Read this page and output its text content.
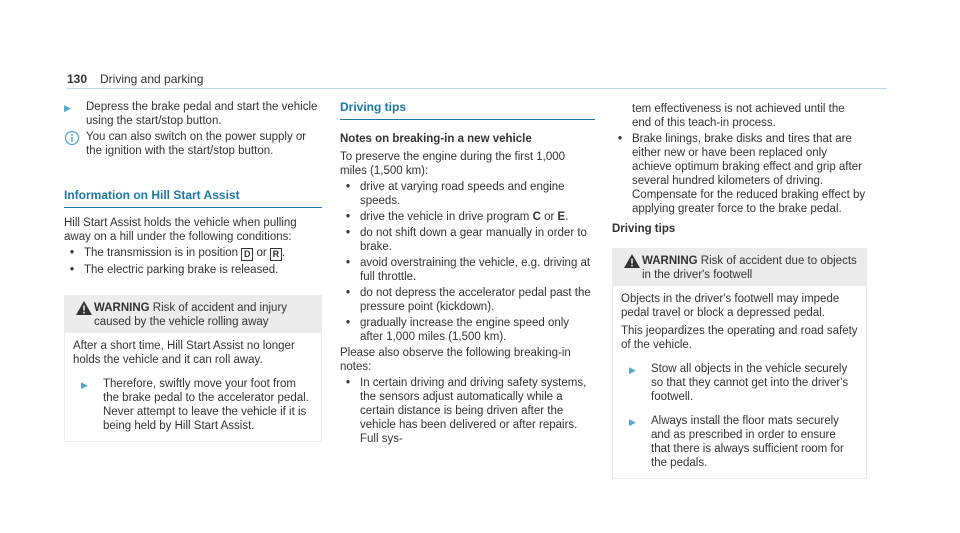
130 Driving and parking
▶	Depress the brake pedal and start the vehicle using the start/stop button.
You can also switch on the power supply or the ignition with the start/stop button.
Information on Hill Start Assist
Hill Start Assist holds the vehicle when pulling away on a hill under the following conditions:
• The transmission is in position D or R .
• The electric parking brake is released.
WARNING Risk of accident and injury caused by the vehicle rolling away
After a short time, Hill Start Assist no longer holds the vehicle and it can roll away.
▶	Therefore, swiftly move your foot from the brake pedal to the accelerator pedal. Never attempt to leave the vehicle if it is being held by Hill Start Assist.
Driving tips
Notes on breaking-in a new vehicle
To preserve the engine during the first 1,000 miles (1,500 km):
• drive at varying road speeds and engine speeds.
• drive the vehicle in drive program C or E.
• do not shift down a gear manually in order to brake.
• avoid overstraining the vehicle, e.g. driving at full throttle.
• do not depress the accelerator pedal past the pressure point (kickdown).
• gradually increase the engine speed only after 1,000 miles (1,500 km).
Please also observe the following breaking-in notes:
• In certain driving and driving safety systems, the sensors adjust automatically while a certain distance is being driven after the vehicle has been delivered or after repairs. Full sys-
tem effectiveness is not achieved until the end of this teach-in process.
• Brake linings, brake disks and tires that are either new or have been replaced only achieve optimum braking effect and grip after several hundred kilometers of driving. Compensate for the reduced braking effect by applying greater force to the brake pedal.
Driving tips
WARNING Risk of accident due to objects in the driver's footwell
Objects in the driver's footwell may impede pedal travel or block a depressed pedal.
This jeopardizes the operating and road safety of the vehicle.
▶	Stow all objects in the vehicle securely so that they cannot get into the driver's footwell.
▶	Always install the floor mats securely and as prescribed in order to ensure that there is always sufficient room for the pedals.
